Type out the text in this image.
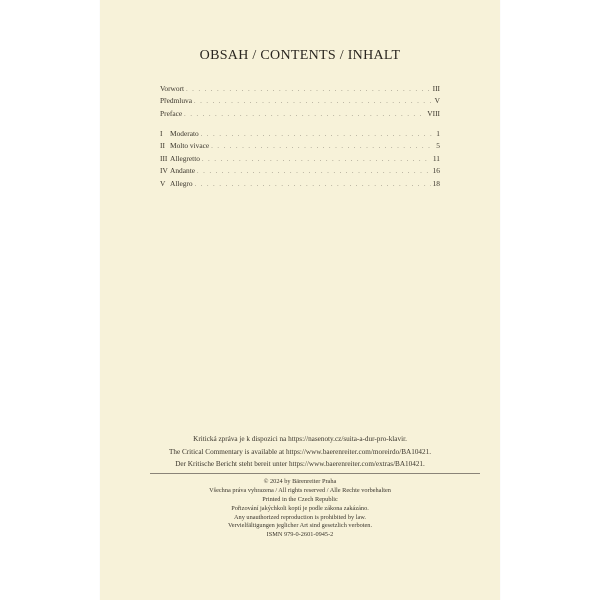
OBSAH / CONTENTS / INHALT
Vorwort . . .	III
Předmluva . . .	V
Preface . . .	VIII
I	Moderato . . .	1
II Molto vivace . . .	5
III Allegretto . . .	11
IV Andante . . .	16
V Allegro . . .	18
Kritická zpráva je k dispozici na https://nasenoty.cz/suita-a-dur-pro-klavir.
The Critical Commentary is available at https://www.baerenreiter.com/moreirdo/BA10421.
Der Kritische Bericht steht bereit unter https://www.baerenreiter.com/extras/BA10421.
© 2024 by Bärenreiter Praha
Všechna práva vyhrazena / All rights reserved / Alle Rechte vorbehalten
Printed in the Czech Republic
Pořizování jakýchkoli kopií je podle zákona zakázáno.
Any unauthorized reproduction is prohibited by law.
Vervielfältigungen jeglicher Art sind gesetzlich verboten.
ISMN 979-0-2601-0945-2
